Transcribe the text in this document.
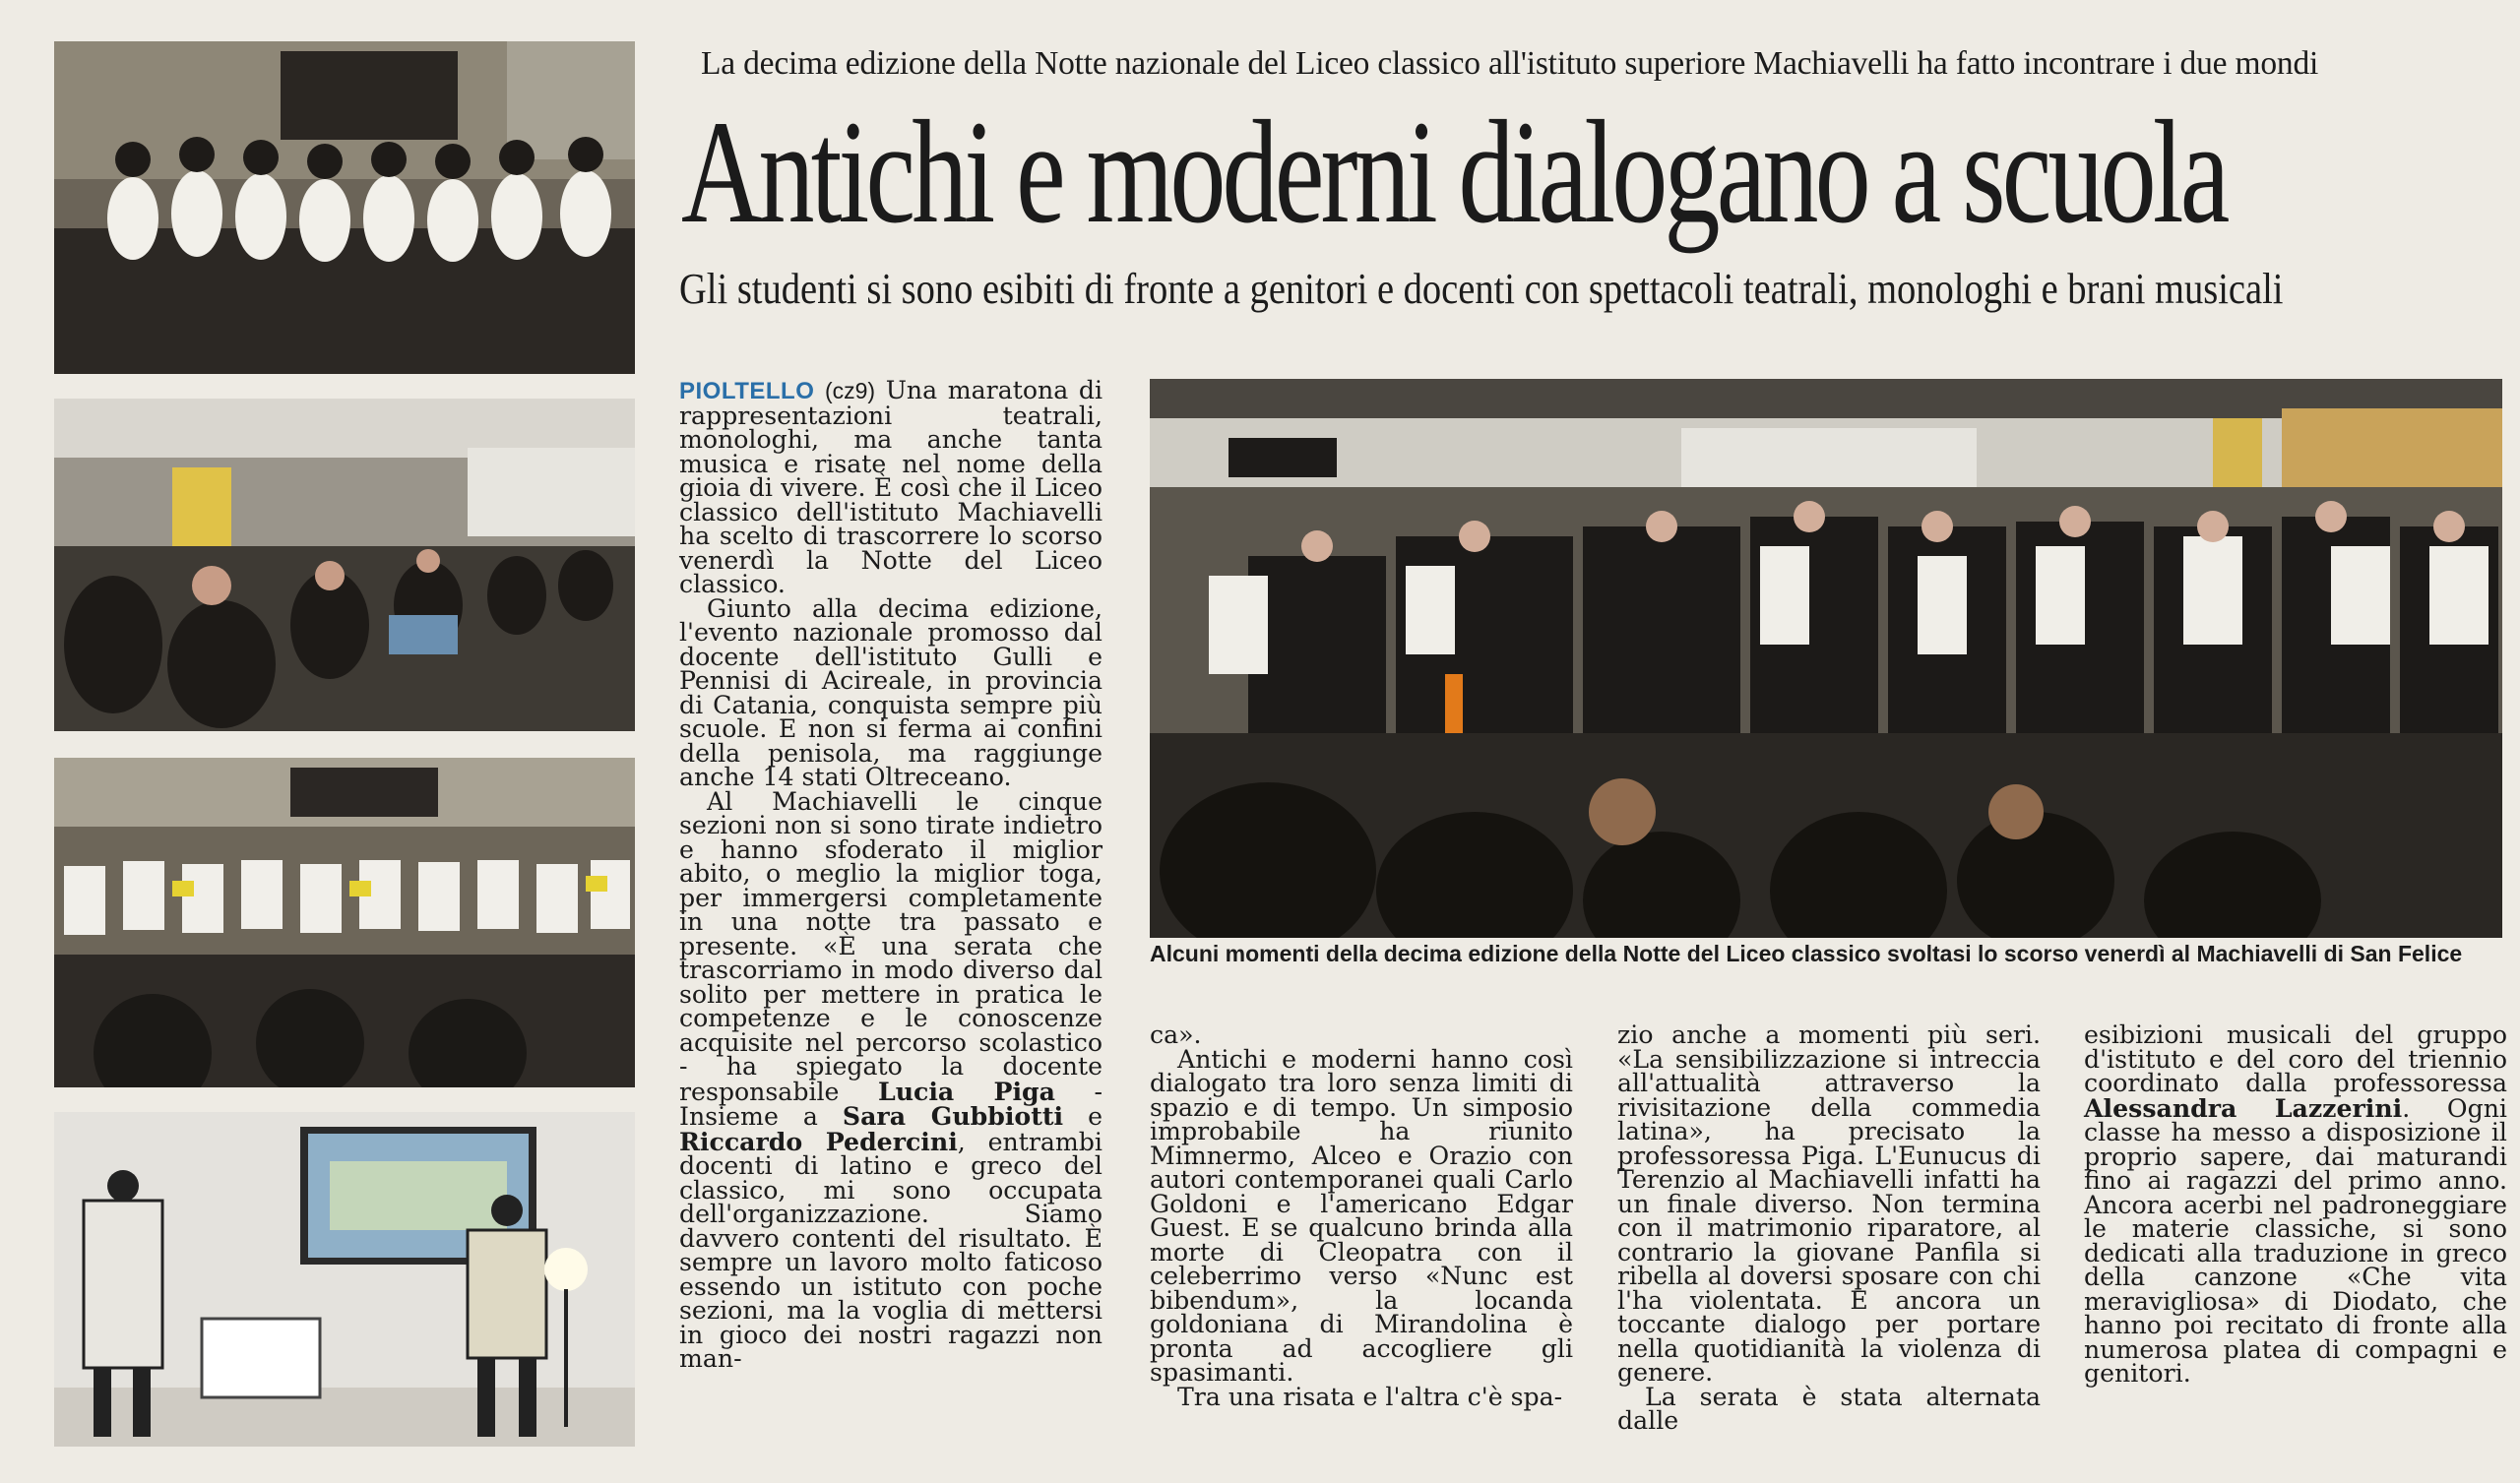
La decima edizione della Notte nazionale del Liceo classico all'istituto superiore Machiavelli ha fatto incontrare i due mondi
Antichi e moderni dialogano a scuola
Gli studenti si sono esibiti di fronte a genitori e docenti con spettacoli teatrali, monologhi e brani musicali
Alcuni momenti della decima edizione della Notte del Liceo classico svoltasi lo scorso venerdì al Machiavelli di San Felice
PIOLTELLO (cz9) Una maratona di rappresentazioni teatrali, monologhi, ma anche tanta musica e risate nel nome della gioia di vivere. È così che il Liceo classico dell'istituto Machiavelli ha scelto di trascorrere lo scorso venerdì la Notte del Liceo classico.
Giunto alla decima edizione, l'evento nazionale promosso dal docente dell'istituto Gulli e Pennisi di Acireale, in provincia di Catania, conquista sempre più scuole. E non si ferma ai confini della penisola, ma raggiunge anche 14 stati Oltreceano.
Al Machiavelli le cinque sezioni non si sono tirate indietro e hanno sfoderato il miglior abito, o meglio la miglior toga, per immergersi completamente in una notte tra passato e presente. «È una serata che trascorriamo in modo diverso dal solito per mettere in pratica le competenze e le conoscenze acquisite nel percorso scolastico - ha spiegato la docente responsabile Lucia Piga - Insieme a Sara Gubbiotti e Riccardo Pedercini, entrambi docenti di latino e greco del classico, mi sono occupata dell'organizzazione. Siamo davvero contenti del risultato. È sempre un lavoro molto faticoso essendo un istituto con poche sezioni, ma la voglia di mettersi in gioco dei nostri ragazzi non man-
ca».
Antichi e moderni hanno così dialogato tra loro senza limiti di spazio e di tempo. Un simposio improbabile ha riunito Mimnermo, Alceo e Orazio con autori contemporanei quali Carlo Goldoni e l'americano Edgar Guest. E se qualcuno brinda alla morte di Cleopatra con il celeberrimo verso «Nunc est bibendum», la locanda goldoniana di Mirandolina è pronta ad accogliere gli spasimanti.
Tra una risata e l'altra c'è spa-
zio anche a momenti più seri. «La sensibilizzazione si intreccia all'attualità attraverso la rivisitazione della commedia latina», ha precisato la professoressa Piga. L'Eunucus di Terenzio al Machiavelli infatti ha un finale diverso. Non termina con il matrimonio riparatore, al contrario la giovane Panfila si ribella al doversi sposare con chi l'ha violentata. E ancora un toccante dialogo per portare nella quotidianità la violenza di genere.
La serata è stata alternata dalle
esibizioni musicali del gruppo d'istituto e del coro del triennio coordinato dalla professoressa Alessandra Lazzerini. Ogni classe ha messo a disposizione il proprio sapere, dai maturandi fino ai ragazzi del primo anno. Ancora acerbi nel padroneggiare le materie classiche, si sono dedicati alla traduzione in greco della canzone «Che vita meravigliosa» di Diodato, che hanno poi recitato di fronte alla numerosa platea di compagni e genitori.
